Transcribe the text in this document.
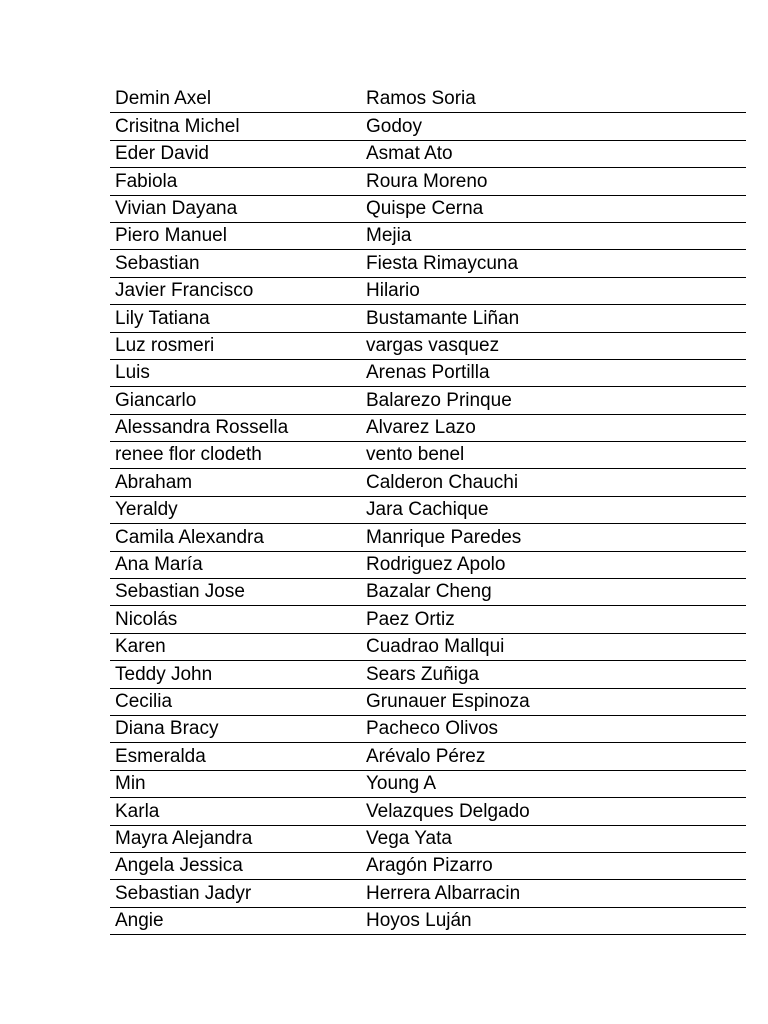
Demin Axel	Ramos Soria
Crisitna Michel	Godoy
Eder David	Asmat Ato
Fabiola	Roura Moreno
Vivian Dayana	Quispe Cerna
Piero Manuel	Mejia
Sebastian	Fiesta Rimaycuna
Javier Francisco	Hilario
Lily Tatiana	Bustamante Liñan
Luz rosmeri	vargas vasquez
Luis	Arenas Portilla
Giancarlo	Balarezo Prinque
Alessandra Rossella	Alvarez Lazo
renee flor clodeth	vento benel
Abraham	Calderon Chauchi
Yeraldy	Jara Cachique
Camila Alexandra	Manrique Paredes
Ana María	Rodriguez Apolo
Sebastian Jose	Bazalar Cheng
Nicolás	Paez Ortiz
Karen	Cuadrao Mallqui
Teddy John	Sears Zuñiga
Cecilia	Grunauer Espinoza
Diana Bracy	Pacheco Olivos
Esmeralda	Arévalo Pérez
Min	Young A
Karla	Velazques Delgado
Mayra Alejandra	Vega Yata
Angela Jessica	Aragón Pizarro
Sebastian Jadyr	Herrera Albarracin
Angie	Hoyos Luján
